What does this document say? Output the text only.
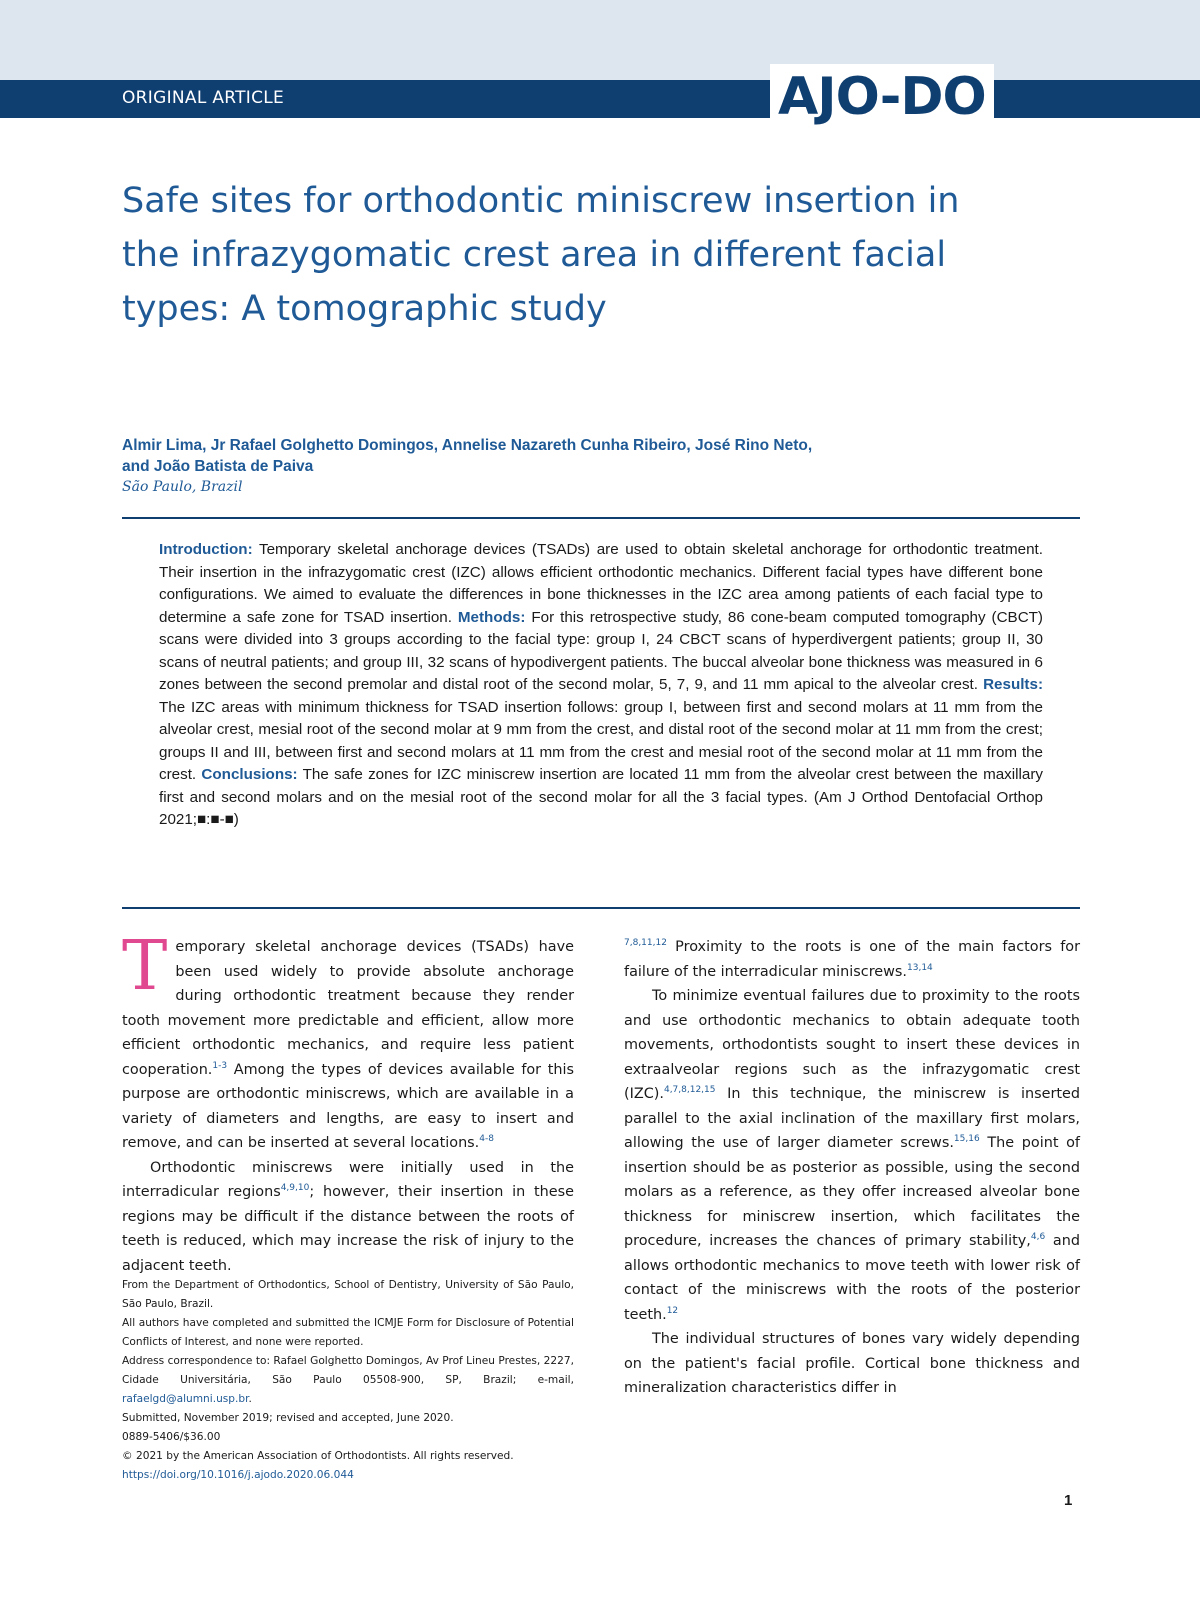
ORIGINAL ARTICLE	AJO-DO
Safe sites for orthodontic miniscrew insertion in the infrazygomatic crest area in different facial types: A tomographic study
Almir Lima, Jr Rafael Golghetto Domingos, Annelise Nazareth Cunha Ribeiro, José Rino Neto,
and João Batista de Paiva
São Paulo, Brazil
Introduction: Temporary skeletal anchorage devices (TSADs) are used to obtain skeletal anchorage for orthodontic treatment. Their insertion in the infrazygomatic crest (IZC) allows efficient orthodontic mechanics. Different facial types have different bone configurations. We aimed to evaluate the differences in bone thicknesses in the IZC area among patients of each facial type to determine a safe zone for TSAD insertion. Methods: For this retrospective study, 86 cone-beam computed tomography (CBCT) scans were divided into 3 groups according to the facial type: group I, 24 CBCT scans of hyperdivergent patients; group II, 30 scans of neutral patients; and group III, 32 scans of hypodivergent patients. The buccal alveolar bone thickness was measured in 6 zones between the second premolar and distal root of the second molar, 5, 7, 9, and 11 mm apical to the alveolar crest. Results: The IZC areas with minimum thickness for TSAD insertion follows: group I, between first and second molars at 11 mm from the alveolar crest, mesial root of the second molar at 9 mm from the crest, and distal root of the second molar at 11 mm from the crest; groups II and III, between first and second molars at 11 mm from the crest and mesial root of the second molar at 11 mm from the crest. Conclusions: The safe zones for IZC miniscrew insertion are located 11 mm from the alveolar crest between the maxillary first and second molars and on the mesial root of the second molar for all the 3 facial types. (Am J Orthod Dentofacial Orthop 2021;■:■-■)

Temporary skeletal anchorage devices (TSADs) have been used widely to provide absolute anchorage during orthodontic treatment because they render tooth movement more predictable and efficient, allow more efficient orthodontic mechanics, and require less patient cooperation.$^{1-3}$ Among the types of devices available for this purpose are orthodontic miniscrews, which are available in a variety of diameters and lengths, are easy to insert and remove, and can be inserted at several locations.$^{4-8}$

Orthodontic miniscrews were initially used in the interradicular regions$^{4,9,10}$; however, their insertion in these regions may be difficult if the distance between the roots of teeth is reduced, which may increase the risk of injury to the adjacent teeth.

From the Department of Orthodontics, School of Dentistry, University of São Paulo, São Paulo, Brazil.

All authors have completed and submitted the ICMJE Form for Disclosure of Potential Conflicts of Interest, and none were reported.

Address correspondence to: Rafael Golghetto Domingos, Av Prof Lineu Prestes, 2227, Cidade Universitária, São Paulo 05508-900, SP, Brazil; e-mail, rafaelgd@alumni.usp.br.

Submitted, November 2019; revised and accepted, June 2020.

0889-5406/$36.00

© 2021 by the American Association of Orthodontists. All rights reserved.

https://doi.org/10.1016/j.ajodo.2020.06.044

$^{7,8,11,12}$ Proximity to the roots is one of the main factors for failure of the interradicular miniscrews.$^{13,14}$

To minimize eventual failures due to proximity to the roots and use orthodontic mechanics to obtain adequate tooth movements, orthodontists sought to insert these devices in extraalveolar regions such as the infrazygomatic crest (IZC).$^{4,7,8,12,15}$ In this technique, the miniscrew is inserted parallel to the axial inclination of the maxillary first molars, allowing the use of larger diameter screws.$^{15,16}$ The point of insertion should be as posterior as possible, using the second molars as a reference, as they offer increased alveolar bone thickness for miniscrew insertion, which facilitates the procedure, increases the chances of primary stability,$^{4,6}$ and allows orthodontic mechanics to move teeth with lower risk of contact of the miniscrews with the roots of the posterior teeth.$^{12}$

The individual structures of bones vary widely depending on the patient's facial profile. Cortical bone thickness and mineralization characteristics differ in

1
